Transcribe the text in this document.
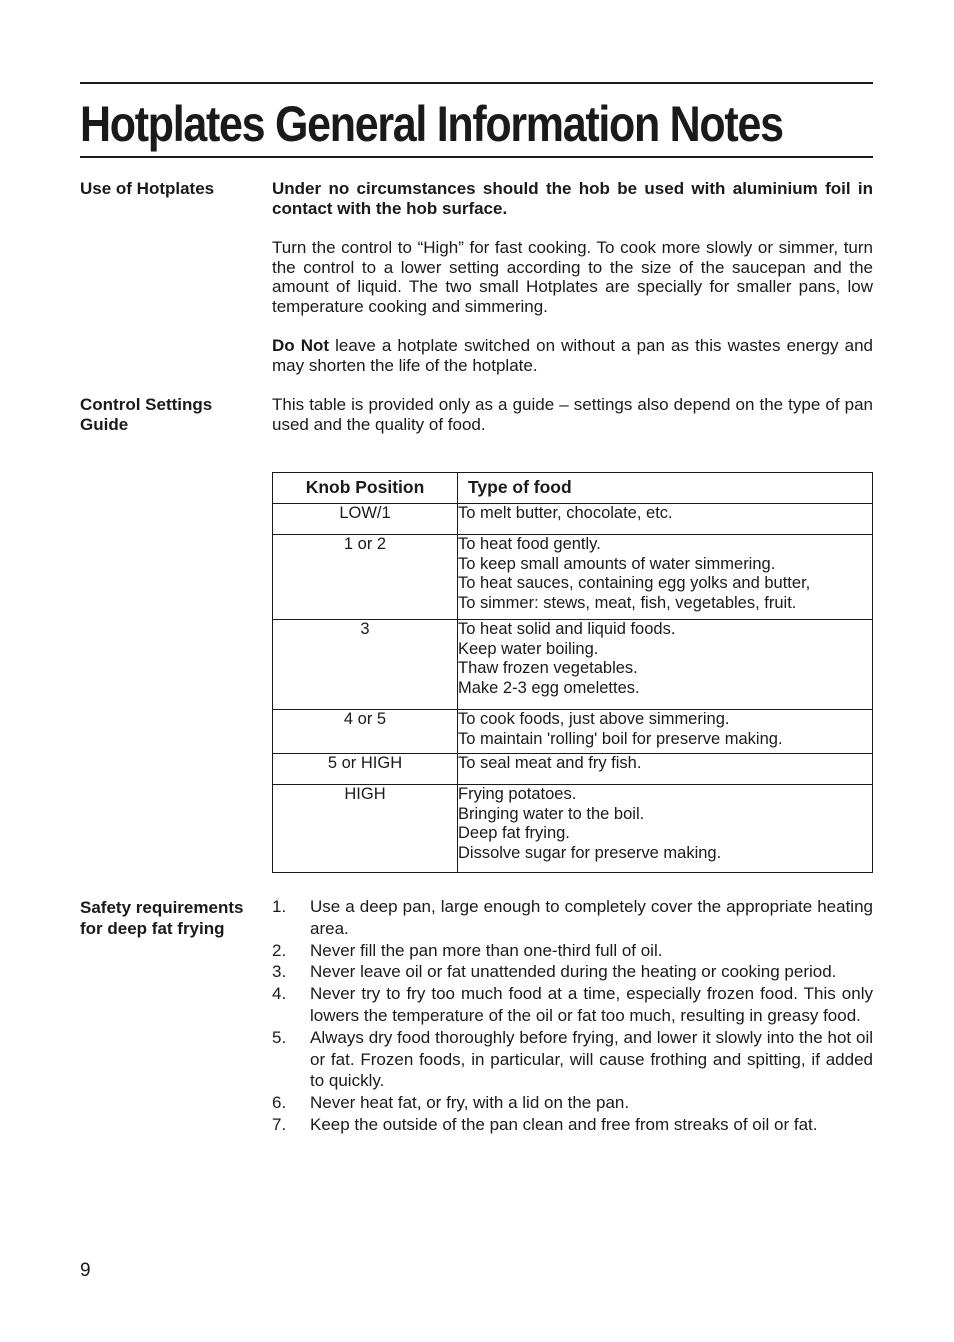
Hotplates General Information Notes

Use of Hotplates	Under no circumstances should the hob be used with aluminium foil in contact with the hob surface.

Turn the control to “High” for fast cooking. To cook more slowly or simmer, turn the control to a lower setting according to the size of the saucepan and the amount of liquid. The two small Hotplates are specially for smaller pans, low temperature cooking and simmering.

Do Not leave a hotplate switched on without a pan as this wastes energy and may shorten the life of the hotplate.

Control Settings Guide

This table is provided only as a guide – settings also depend on the type of pan used and the quality of food.

Knob Position	Type of food
LOW/1	To melt butter, chocolate, etc.

1 or 2	To heat food gently.
To keep small amounts of water simmering.
To heat sauces, containing egg yolks and butter,
To simmer: stews, meat, fish, vegetables, fruit.

3	To heat solid and liquid foods.
Keep water boiling.
Thaw frozen vegetables.
Make 2-3 egg omelettes.

4 or 5	To cook foods, just above simmering.
To maintain 'rolling' boil for preserve making.

5 or HIGH	To seal meat and fry fish.

HIGH	Frying potatoes.
Bringing water to the boil.
Deep fat frying.
Dissolve sugar for preserve making.

Safety requirements for deep fat frying

1. Use a deep pan, large enough to completely cover the appropriate heating area.
2. Never fill the pan more than one-third full of oil.
3. Never leave oil or fat unattended during the heating or cooking period.
4. Never try to fry too much food at a time, especially frozen food. This only lowers the temperature of the oil or fat too much, resulting in greasy food.
5. Always dry food thoroughly before frying, and lower it slowly into the hot oil or fat. Frozen foods, in particular, will cause frothing and spitting, if added to quickly.
6. Never heat fat, or fry, with a lid on the pan.
7. Keep the outside of the pan clean and free from streaks of oil or fat.

9
